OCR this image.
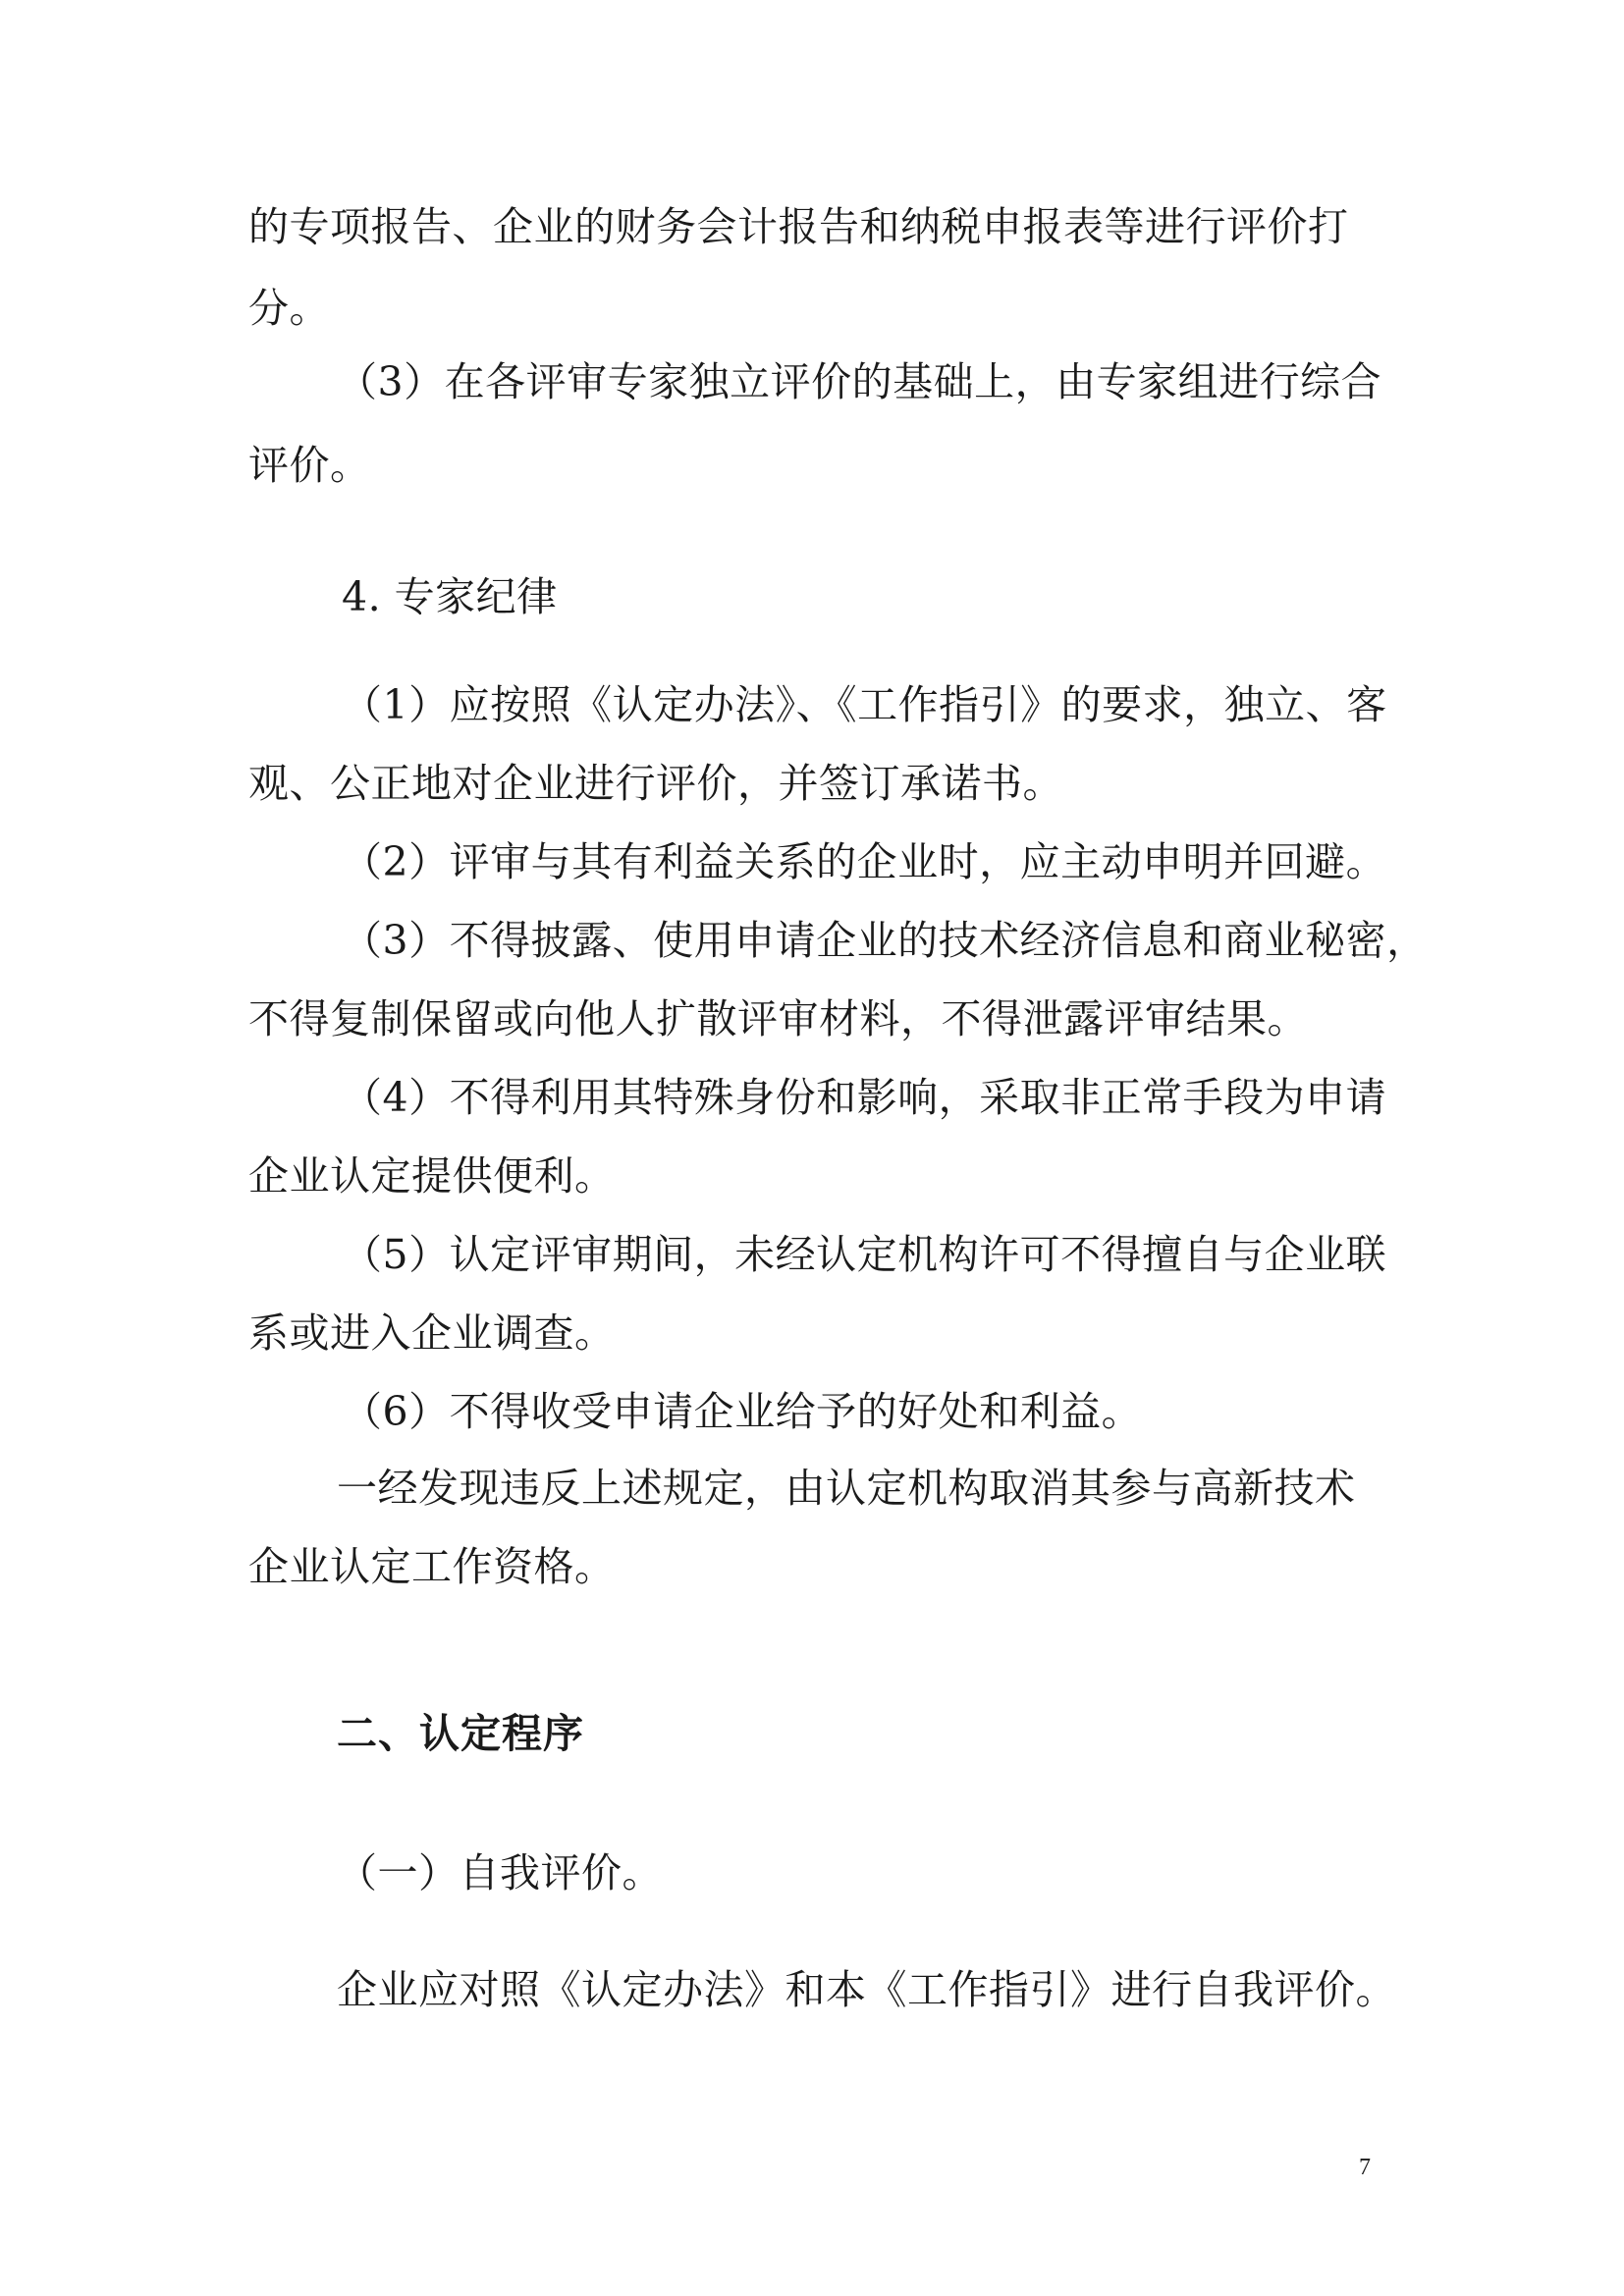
的专项报告、企业的财务会计报告和纳税申报表等进行评价打
分。
（3）在各评审专家独立评价的基础上，由专家组进行综合
评价。
4. 专家纪律
（1）应按照《认定办法》、《工作指引》的要求，独立、客
观、公正地对企业进行评价，并签订承诺书。
（2）评审与其有利益关系的企业时，应主动申明并回避。
（3）不得披露、使用申请企业的技术经济信息和商业秘密，
不得复制保留或向他人扩散评审材料，不得泄露评审结果。
（4）不得利用其特殊身份和影响，采取非正常手段为申请
企业认定提供便利。
（5）认定评审期间，未经认定机构许可不得擅自与企业联
系或进入企业调查。
（6）不得收受申请企业给予的好处和利益。
一经发现违反上述规定，由认定机构取消其参与高新技术
企业认定工作资格。
二、认定程序
（一）自我评价。
企业应对照《认定办法》和本《工作指引》进行自我评价。
7
